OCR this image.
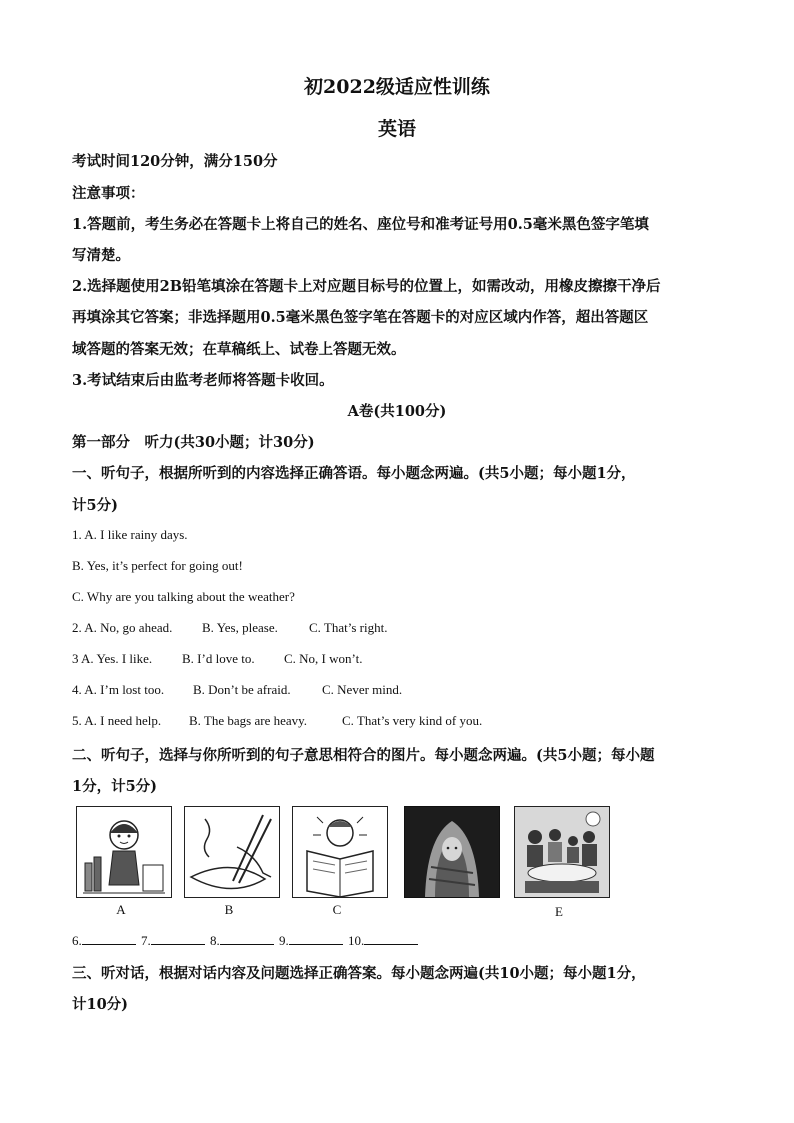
初2022级适应性训练
英语
考试时间120分钟，满分150分
注意事项：
1.答题前，考生务必在答题卡上将自己的姓名、座位号和准考证号用0.5毫米黑色签字笔填
写清楚。
2.选择题使用2B铅笔填涂在答题卡上对应题目标号的位置上，如需改动，用橡皮擦擦干净后
再填涂其它答案；非选择题用0.5毫米黑色签字笔在答题卡的对应区域内作答，超出答题区
域答题的答案无效；在草稿纸上、试卷上答题无效。
3.考试结束后由监考老师将答题卡收回。
A卷(共100分)
第一部分　听力(共30小题；计30分)
一、听句子，根据所听到的内容选择正确答语。每小题念两遍。(共5小题；每小题1分，
计5分)
1. A. I like rainy days.
B. Yes, it’s perfect for going out!
C. Why are you talking about the weather?
2. A. No, go ahead. B. Yes, please. C. That’s right.
3 A. Yes. I like. B. I’d love to. C. No, I won’t.
4. A. I’m lost too. B. Don’t be afraid. C. Never mind.
5. A. I need help. B. The bags are heavy.	C. That’s very kind of you.
二、听句子，选择与你所听到的句子意思相符合的图片。每小题念两遍。(共5小题；每小题
1分，计5分)
A	B	C	E
6.	7.	8.	9.	10.
三、听对话，根据对话内容及问题选择正确答案。每小题念两遍(共10小题；每小题1分，
计10分)
